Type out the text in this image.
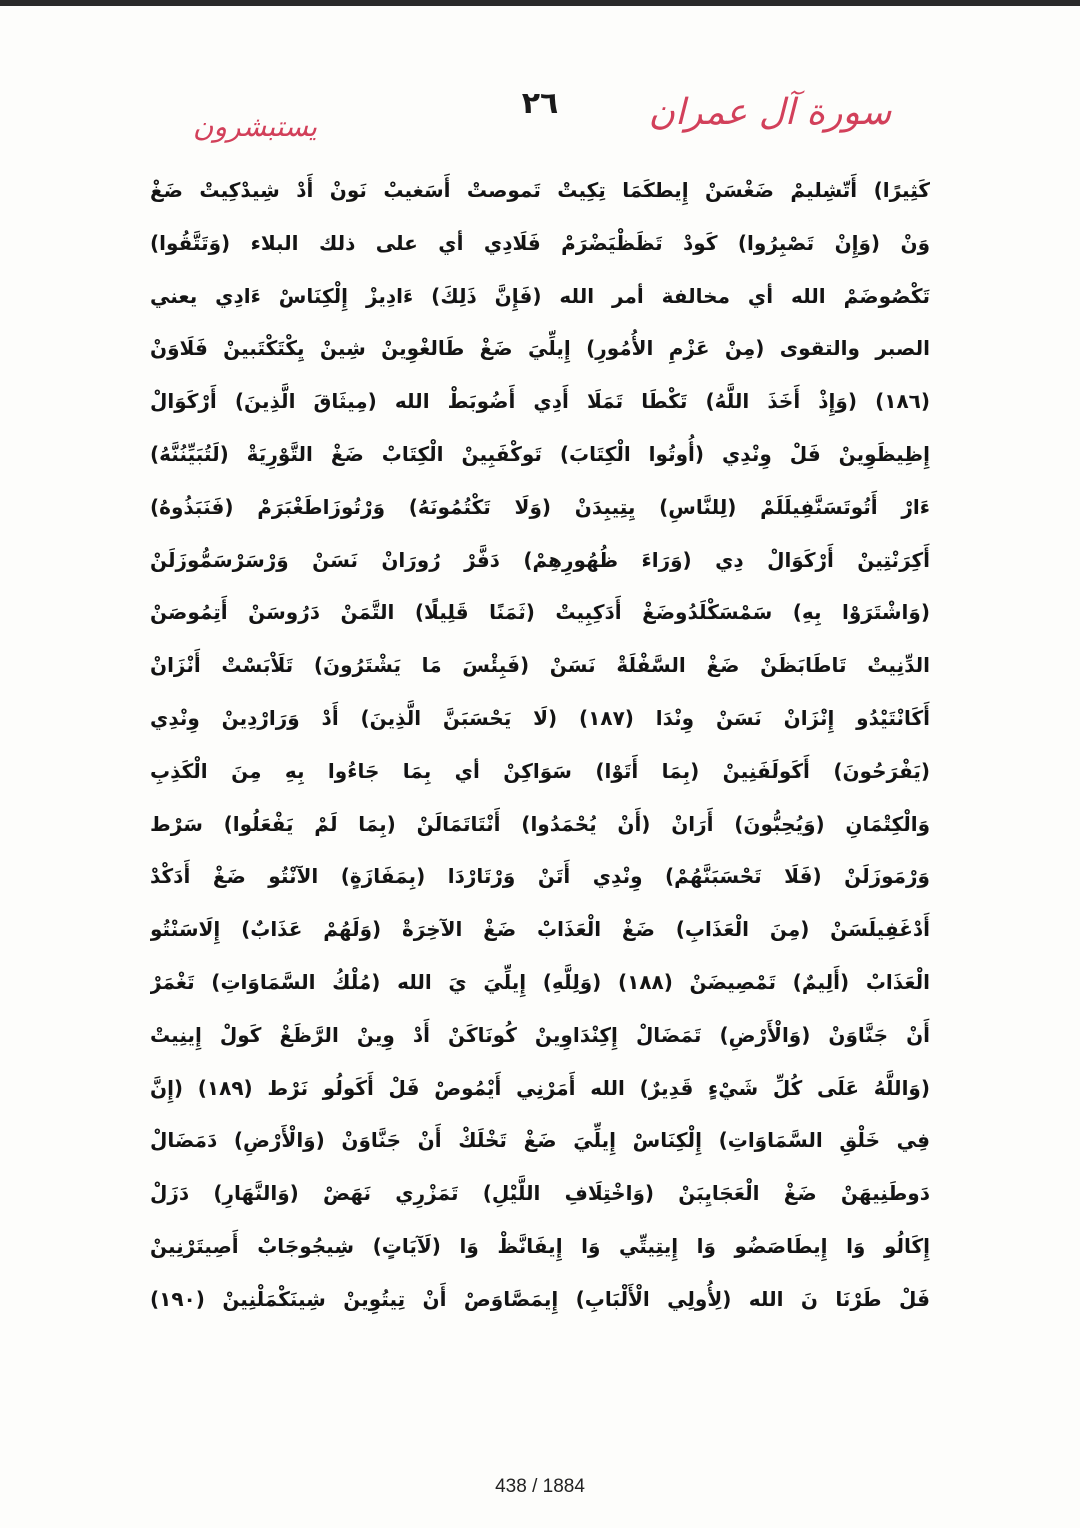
سورة آل عمران
٢٦
يستبشرون
كَثِيرًا) أَتّشِليمْ ضَغْسَنْ إِيطكَمَا تِكِيتْ تَموصتْ أَسَغيبْ نَونْ أَدْ شِيدْكِيتْ ضَغْ
وَنْ (وَإِنْ تَصْبِرُوا) كَودْ تَظَظْيَضْرَمْ فَلَادِي أي على ذلك البلاء (وَتَتَّقُوا)
تَكْصُوضَمْ الله أي مخالفة أمر الله (فَإِنَّ ذَلِكَ) ءَادِيزْ إِلْكِنَاسْ ءَادِي يعني
الصبر والتقوى (مِنْ عَزْمِ الأُمُورِ) إِيلِّيَ ضَغْ طَالغْوِينْ شِينْ يِكْتَكْتَبينْ فَلَاوَنْ
(١٨٦) (وَإِذْ أَخَذَ اللَّهُ) تَكْطَا تَمَلَا أَدِي أَضُوبَطْ الله (مِيثَاقَ الَّذِينَ) أَرْكَوَالْ
إِظِيظَوِينْ فَلْ وِنْدِي (أُوتُوا الْكِتَابَ) تَوكْفَبِينْ الْكِتَابْ ضَغْ التَّوْرِيَةْ (لَتُبَيِّنُنَّهُ)
ءَارْ أَتُوتَسَنَّفِيلَلَمْ (لِلنَّاسِ) يِتِيبِدَنْ (وَلَا تَكْتُمُونَهُ) وَرْتُوزَاطَغْبَرَمْ (فَنَبَذُوهُ)
أَكِرَنْتِينْ أَرْكَوَالْ دِي (وَرَاءَ ظُهُورِهِمْ) دَفَّرْ رُورَانْ نَسَنْ وَرْسَرْسَمُّوزَلَنْ
(وَاشْتَرَوْا بِهِ) سَمْسَكْلَدُوضَغْ أَدَكِبِيتْ (ثَمَنًا قَلِيلًا) التَّمَنْ دَرُوسَنْ أَتِمُوصَنْ
الدِّنِيتْ تَاطَابَظَنْ ضَغْ السَّفْلَةْ نَسَنْ (فَبِئْسَ مَا يَشْتَرُونَ) تَلَاْبَسْتْ أَنْزَانْ
أَكَانْتَيْدُو إِنْزَانْ نَسَنْ وِنْدَا (١٨٧) (لَا يَحْسَبَنَّ الَّذِينَ) أَدْ وَرَارْدِينْ وِنْدِي
(يَفْرَحُونَ) أَكَولَفَنِينْ (بِمَا أَتَوْا) سَوَاكِنْ أي بِمَا جَاءُوا بِهِ مِنَ الْكَذِبِ
وَالْكِتْمَانِ (وَيُحِبُّونَ) أَرَانْ (أَنْ يُحْمَدُوا) أَنْتَاتَمَالَنْ (بِمَا لَمْ يَفْعَلُوا) سَرْط
وَرْمَوزَلَنْ (فَلَا تَحْسَبَنَّهُمْ) وِنْدِي أَتَنْ وَرْتَارْدَا (بِمَفَازَةٍ) الآنْتُو ضَغْ أَدَكْدْ
أَدْغَفِيلَسَنْ (مِنَ الْعَذَابِ) ضَغْ الْعَذَابْ ضَغْ الآخِرَةْ (وَلَهُمْ عَذَابٌ) إِلَاسَنْتُو
الْعَذَابْ (أَلِيمٌ) تَمْصِيضَنْ (١٨٨) (وَلِلَّهِ) إِيلِّيَ يَ الله (مُلْكُ السَّمَاوَاتِ) تَغْمَرْ
أَنْ جَنَّاوَنْ (وَالْأَرْضِ) تَمَضَالْ إِكِنْدَاوِينْ كُونَاكَنْ أَدْ وِينْ الرَّظَغْ كَولْ إِينِيتْ
(وَاللَّهُ عَلَى كُلِّ شَيْءٍ قَدِيرٌ) الله أَمَرْنِي أَيْمُوصْ فَلْ أَكَولُو نَرْط (١٨٩) (إِنَّ
فِي خَلْقِ السَّمَاوَاتِ) إِلْكِنَاسْ إِيلِّيَ ضَغْ تَخْلَكْ أَنْ جَنَّاوَنْ (وَالْأَرْضِ) دَمَضَالْ
دَوطَنِيهَنْ ضَغْ الْعَجَايِبَنْ (وَاخْتِلَافِ اللَّيْلِ) تَمَزْرِي نَهَضْ (وَالنَّهَارِ) دَزَلْ
إِكَالُو وَا إِيطَاصَضُو وَا إِيتِيتِّي وَا إِيفَانَّظْ وَا (لَآيَاتٍ) شِيجُوجَابْ أَصِيتَرْنِينْ
فَلْ طَرْنَا نَ الله (لِأُولِي الْأَلْبَابِ) إِيمَصَّاوَصْ أَنْ تِيتُوِينْ شِينَكْمَلْنِينْ (١٩٠)
438 / 1884
